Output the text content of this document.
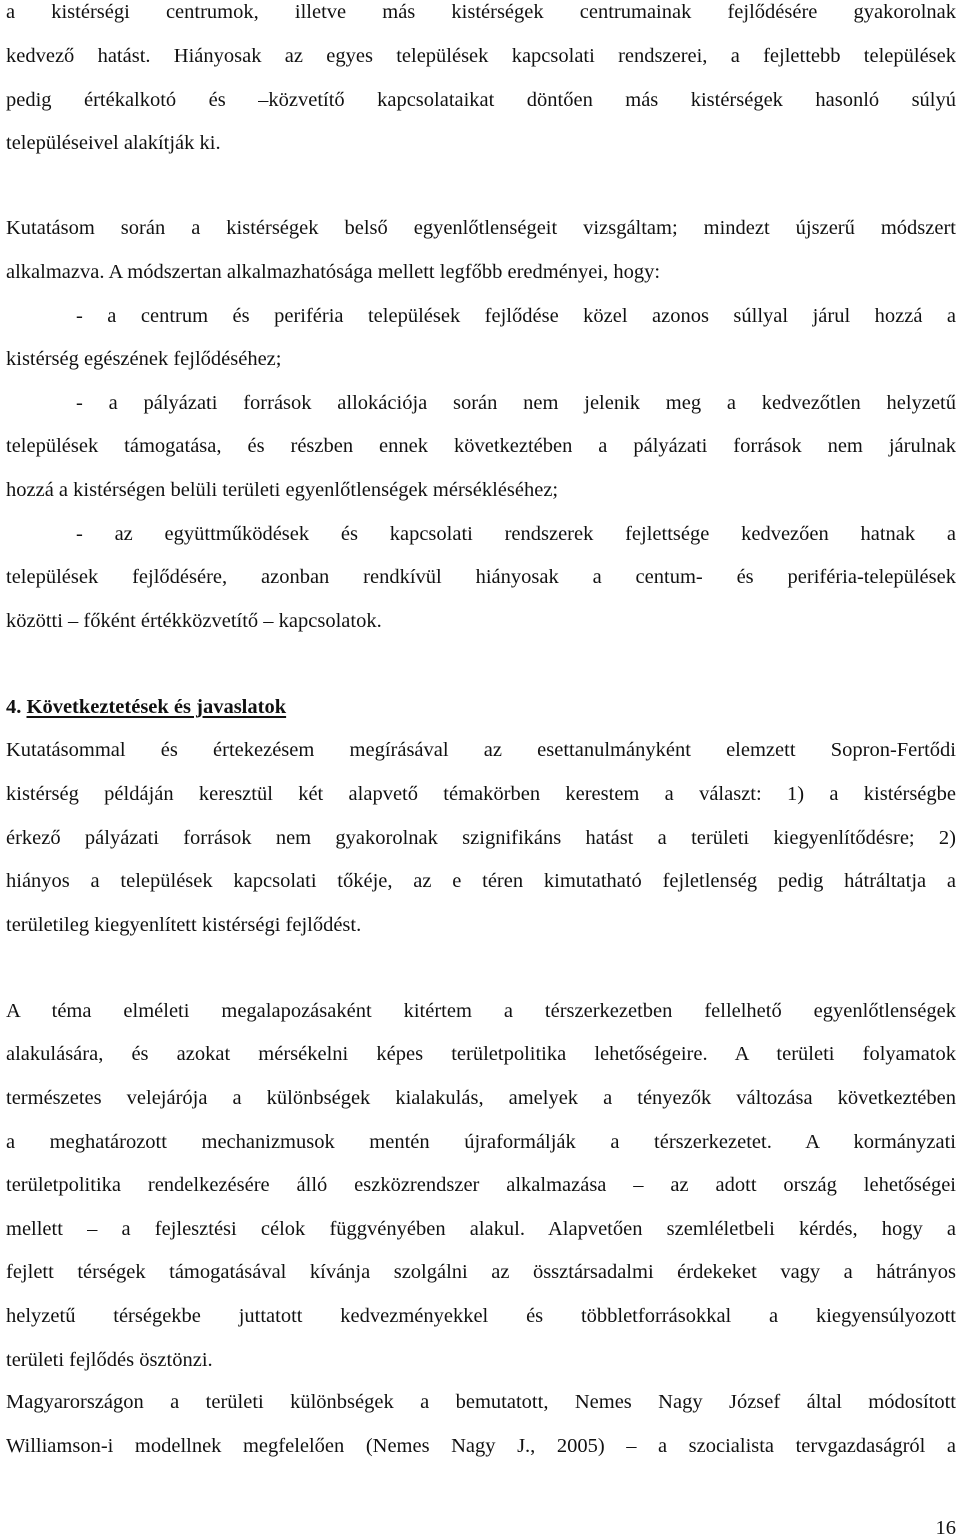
a kistérségi centrumok, illetve más kistérségek centrumainak fejlődésére gyakorolnak
kedvező hatást. Hiányosak az egyes települések kapcsolati rendszerei, a fejlettebb települések
pedig értékalkotó és –közvetítő kapcsolataikat döntően más kistérségek hasonló súlyú
településeivel alakítják ki.
Kutatásom során a kistérségek belső egyenlőtlenségeit vizsgáltam; mindezt újszerű módszert
alkalmazva. A módszertan alkalmazhatósága mellett legfőbb eredményei, hogy:
- a centrum és periféria települések fejlődése közel azonos súllyal járul hozzá a
kistérség egészének fejlődéséhez;
- a pályázati források allokációja során nem jelenik meg a kedvezőtlen helyzetű
települések támogatása, és részben ennek következtében a pályázati források nem járulnak
hozzá a kistérségen belüli területi egyenlőtlenségek mérsékléséhez;
- az együttműködések és kapcsolati rendszerek fejlettsége kedvezően hatnak a
települések fejlődésére, azonban rendkívül hiányosak a centum- és periféria-települések
közötti – főként értékközvetítő – kapcsolatok.
4. Következtetések és javaslatok
Kutatásommal és értekezésem megírásával az esettanulmányként elemzett Sopron-Fertődi
kistérség példáján keresztül két alapvető témakörben kerestem a választ: 1) a kistérségbe
érkező pályázati források nem gyakorolnak szignifikáns hatást a területi kiegyenlítődésre; 2)
hiányos a települések kapcsolati tőkéje, az e téren kimutatható fejletlenség pedig hátráltatja a
területileg kiegyenlített kistérségi fejlődést.
A téma elméleti megalapozásaként kitértem a térszerkezetben fellelhető egyenlőtlenségek
alakulására, és azokat mérsékelni képes területpolitika lehetőségeire. A területi folyamatok
természetes velejárója a különbségek kialakulás, amelyek a tényezők változása következtében
a meghatározott mechanizmusok mentén újraformálják a térszerkezetet. A kormányzati
területpolitika rendelkezésére álló eszközrendszer alkalmazása – az adott ország lehetőségei
mellett – a fejlesztési célok függvényében alakul. Alapvetően szemléletbeli kérdés, hogy a
fejlett térségek támogatásával kívánja szolgálni az össztársadalmi érdekeket vagy a hátrányos
helyzetű térségekbe juttatott kedvezményekkel és többletforrásokkal a kiegyensúlyozott
területi fejlődés ösztönzi.
Magyarországon a területi különbségek a bemutatott, Nemes Nagy József által módosított
Williamson-i modellnek megfelelően (Nemes Nagy J., 2005) – a szocialista tervgazdaságról a
16
